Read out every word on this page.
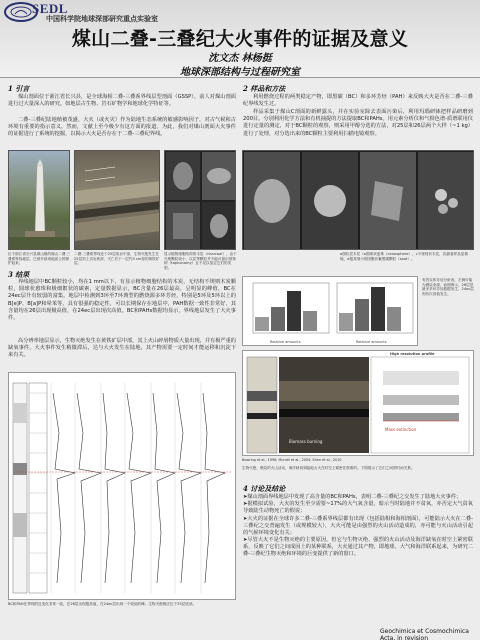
SEDL
中国科学院地球深部研究重点实验室
煤山二叠-三叠纪大火事件的证据及意义
沈文杰 林杨挺
地球深部结构与过程研究室
1 引言
煤山剖面位于浙江省长兴县，是全球海相二叠-三叠系界线层型剖面（GSSP），前人对煤山剖面进行过大量深入的研究。如地层古生物、岩石矿物学和地球化学特征等。
二叠-三叠纪陆地植被茂盛，大火（或火灾）作为陆地生态系统的敏感影响因子，对古气候和古环境有重要的指示意义。然而，文献上至今极少有这方面的报道。为此，我们对煤山剖面大火事件的证据进行了系统的挖掘，以揭示大火是否存在于二叠-三叠纪界线。
2 样品和方法
利用燃烧过程的两类稳定产物，即黑碳（BC）和多环芳烃（PAH）来反映大火是否在二叠-三叠纪界线发生过。
样品采集于煤山C剖面的新鲜露头，并在实验室除去表面污染后，利用玛瑙研钵把样品研磨到200目。分别利用化学方法和有机抽提的方法提取BC和PAHs。用元素分析仪和气相色谱-质谱联用仪进行定量的测定，对于BC颗粒的观察，则采用甲醇分选的方法，对25层和26层两个大样（~1 kg）进行了处理，对分选出来的BC颗粒主要利用扫描电镜观察。
位于浙江省长兴县煤山镇的煤山二叠-三叠系界线地层，已被开辟成地质公园保护起来。
二叠-三叠系界线处于25层灰岩中部，生物灭绝发生在25层顶上页岩底部，灭亡后于一层约3 cm厚的黄铁矿层。
显示植物细胞结构的木炭（charcoal），由于灭绝颗粒较小，以炭等颗粒并不能可靠识别物种（taphonomy）且不足以鉴定它们的类型。
a图状炭木炭（a圆球状愈珠（cenosphere），c不规则状木炭，若漏看样品显微镜，d极其细小的团聚状絮黑碳颗粒（soot）。
3 结果
界线地层中BC颗粒较小，均在1 mm以下，有显示植物细胞结构的木炭，无结构不规则木炭颗粒，圆球状愈珠和极细絮状的碳素，定量数据显示，BC含量在26层最高，呈明显的峰值，BC在24ec层升有较弱的富集。地层中检测到3环至7环典型的燃烧源多环芳烃，特别是5环及5环以上的B[e]P、B[a]P和晕苯等，具有很强的稳定性，可以长期保存在地层中，PAH数据一致性非常好，其含量均在26层出现极高值，在24ec层出现次高值。BC和PAHs数据均显示，界线地层发生了大火事件。
高分辨率地层显示，生物灭绝发生在黄铁矿层中部，其上火山碎屑物质大量出现，并有极严重的缺氧事件，大火事件发生稍微滞后，达与大火发生在陆地，其产物需要一定时间才能运移和沉淀下来有关。
BC和PAH在界线附近变化非常一致，在26层出现极高值，在24ec层出现一个较低的峰。生物灭绝相应位于25层底部。
Relative amounts	Relative amounts
有效实体芳烃分析表，左侧可能为燃烧来源，而图例示，26层是最多多环芳烃数据发生，24ec层则有次高值发生。
Biomass burning
Mass extinction
High resolution profile
Bowring et al., 1998; Mundil et al., 2004; Shen et al., 2010
生物灭绝，燃烧的火山活动，海洋缺氧和陆地大火在时空上紧密在联系的。下图展示了它们之间的时间关系。
4 讨论及结论
➤煤山剖面界线地层中发现了高含量的BC和PAHs，表明二叠-三叠纪之交发生了陆地大火事件；
➤据模拟试验，大火的发生至少需要~17%的大气氧含量，暗示当时陆地并不贫氧，亦否定大气贫氧导致陆生动物死亡的假说；
➤大火的证据在全球许多二叠-三叠系界线层都有出现（包括陆相和海相剖面），可能陆示大火在二叠-三叠纪之交普遍发生（或规模较大），大火可能是由强烈的火山活动造成的，亦可能与火山活动引起的气候环境变化有关；
➤尽管大火不是生物灭绝的主要原因，但它与生物灭绝、强烈的火山活动及海洋缺氧在时空上紧密联系，反映了它们之间成因上的某种联系，大火通过其产物，即地球、大气和海洋联系起来，为研究二叠-三叠纪生物灭绝和环境的巨变提供了新的窗口。
Geochimica et Cosmochimica Acta, in revision
